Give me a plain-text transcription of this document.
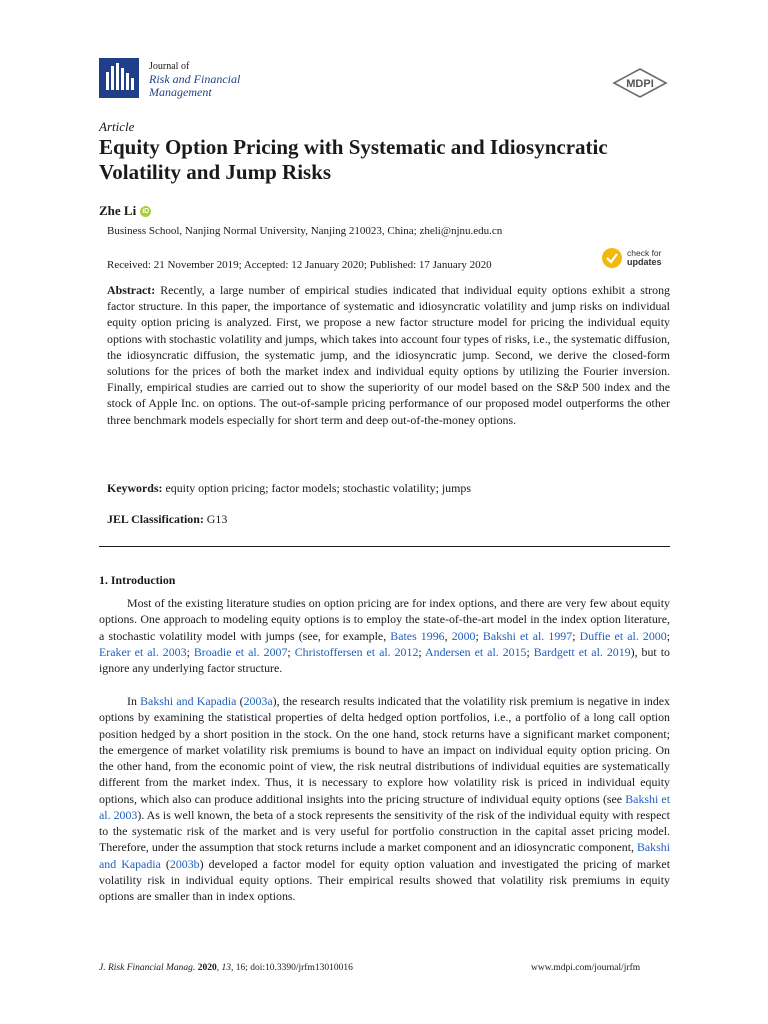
Journal of
Risk and Financial
Management
MDPI
Article
Equity Option Pricing with Systematic and Idiosyncratic Volatility and Jump Risks
Zhe Li iD
Business School, Nanjing Normal University, Nanjing 210023, China; zheli@njnu.edu.cn
Received: 21 November 2019; Accepted: 12 January 2020; Published: 17 January 2020
check for
updates
Abstract: Recently, a large number of empirical studies indicated that individual equity options exhibit a strong factor structure. In this paper, the importance of systematic and idiosyncratic volatility and jump risks on individual equity option pricing is analyzed. First, we propose a new factor structure model for pricing the individual equity options with stochastic volatility and jumps, which takes into account four types of risks, i.e., the systematic diffusion, the idiosyncratic diffusion, the systematic jump, and the idiosyncratic jump. Second, we derive the closed-form solutions for the prices of both the market index and individual equity options by utilizing the Fourier inversion. Finally, empirical studies are carried out to show the superiority of our model based on the S&P 500 index and the stock of Apple Inc. on options. The out-of-sample pricing performance of our proposed model outperforms the other three benchmark models especially for short term and deep out-of-the-money options.
Keywords: equity option pricing; factor models; stochastic volatility; jumps
JEL Classification: G13
1. Introduction
Most of the existing literature studies on option pricing are for index options, and there are very few about equity options. One approach to modeling equity options is to employ the state-of-the-art model in the index option literature, a stochastic volatility model with jumps (see, for example, Bates 1996, 2000; Bakshi et al. 1997; Duffie et al. 2000; Eraker et al. 2003; Broadie et al. 2007; Christoffersen et al. 2012; Andersen et al. 2015; Bardgett et al. 2019), but to ignore any underlying factor structure.
In Bakshi and Kapadia (2003a), the research results indicated that the volatility risk premium is negative in index options by examining the statistical properties of delta hedged option portfolios, i.e., a portfolio of a long call option position hedged by a short position in the stock. On the one hand, stock returns have a significant market component; the emergence of market volatility risk premiums is bound to have an impact on individual equity option pricing. On the other hand, from the economic point of view, the risk neutral distributions of individual equities are systematically different from the market index. Thus, it is necessary to explore how volatility risk is priced in individual equity options, which also can produce additional insights into the pricing structure of individual equity options (see Bakshi et al. 2003). As is well known, the beta of a stock represents the sensitivity of the risk of the individual equity with respect to the systematic risk of the market and is very useful for portfolio construction in the capital asset pricing model. Therefore, under the assumption that stock returns include a market component and an idiosyncratic component, Bakshi and Kapadia (2003b) developed a factor model for equity option valuation and investigated the pricing of market volatility risk in individual equity options. Their empirical results showed that volatility risk premiums in equity options are smaller than in index options.
J. Risk Financial Manag. 2020, 13, 16; doi:10.3390/jrfm13010016	www.mdpi.com/journal/jrfm
